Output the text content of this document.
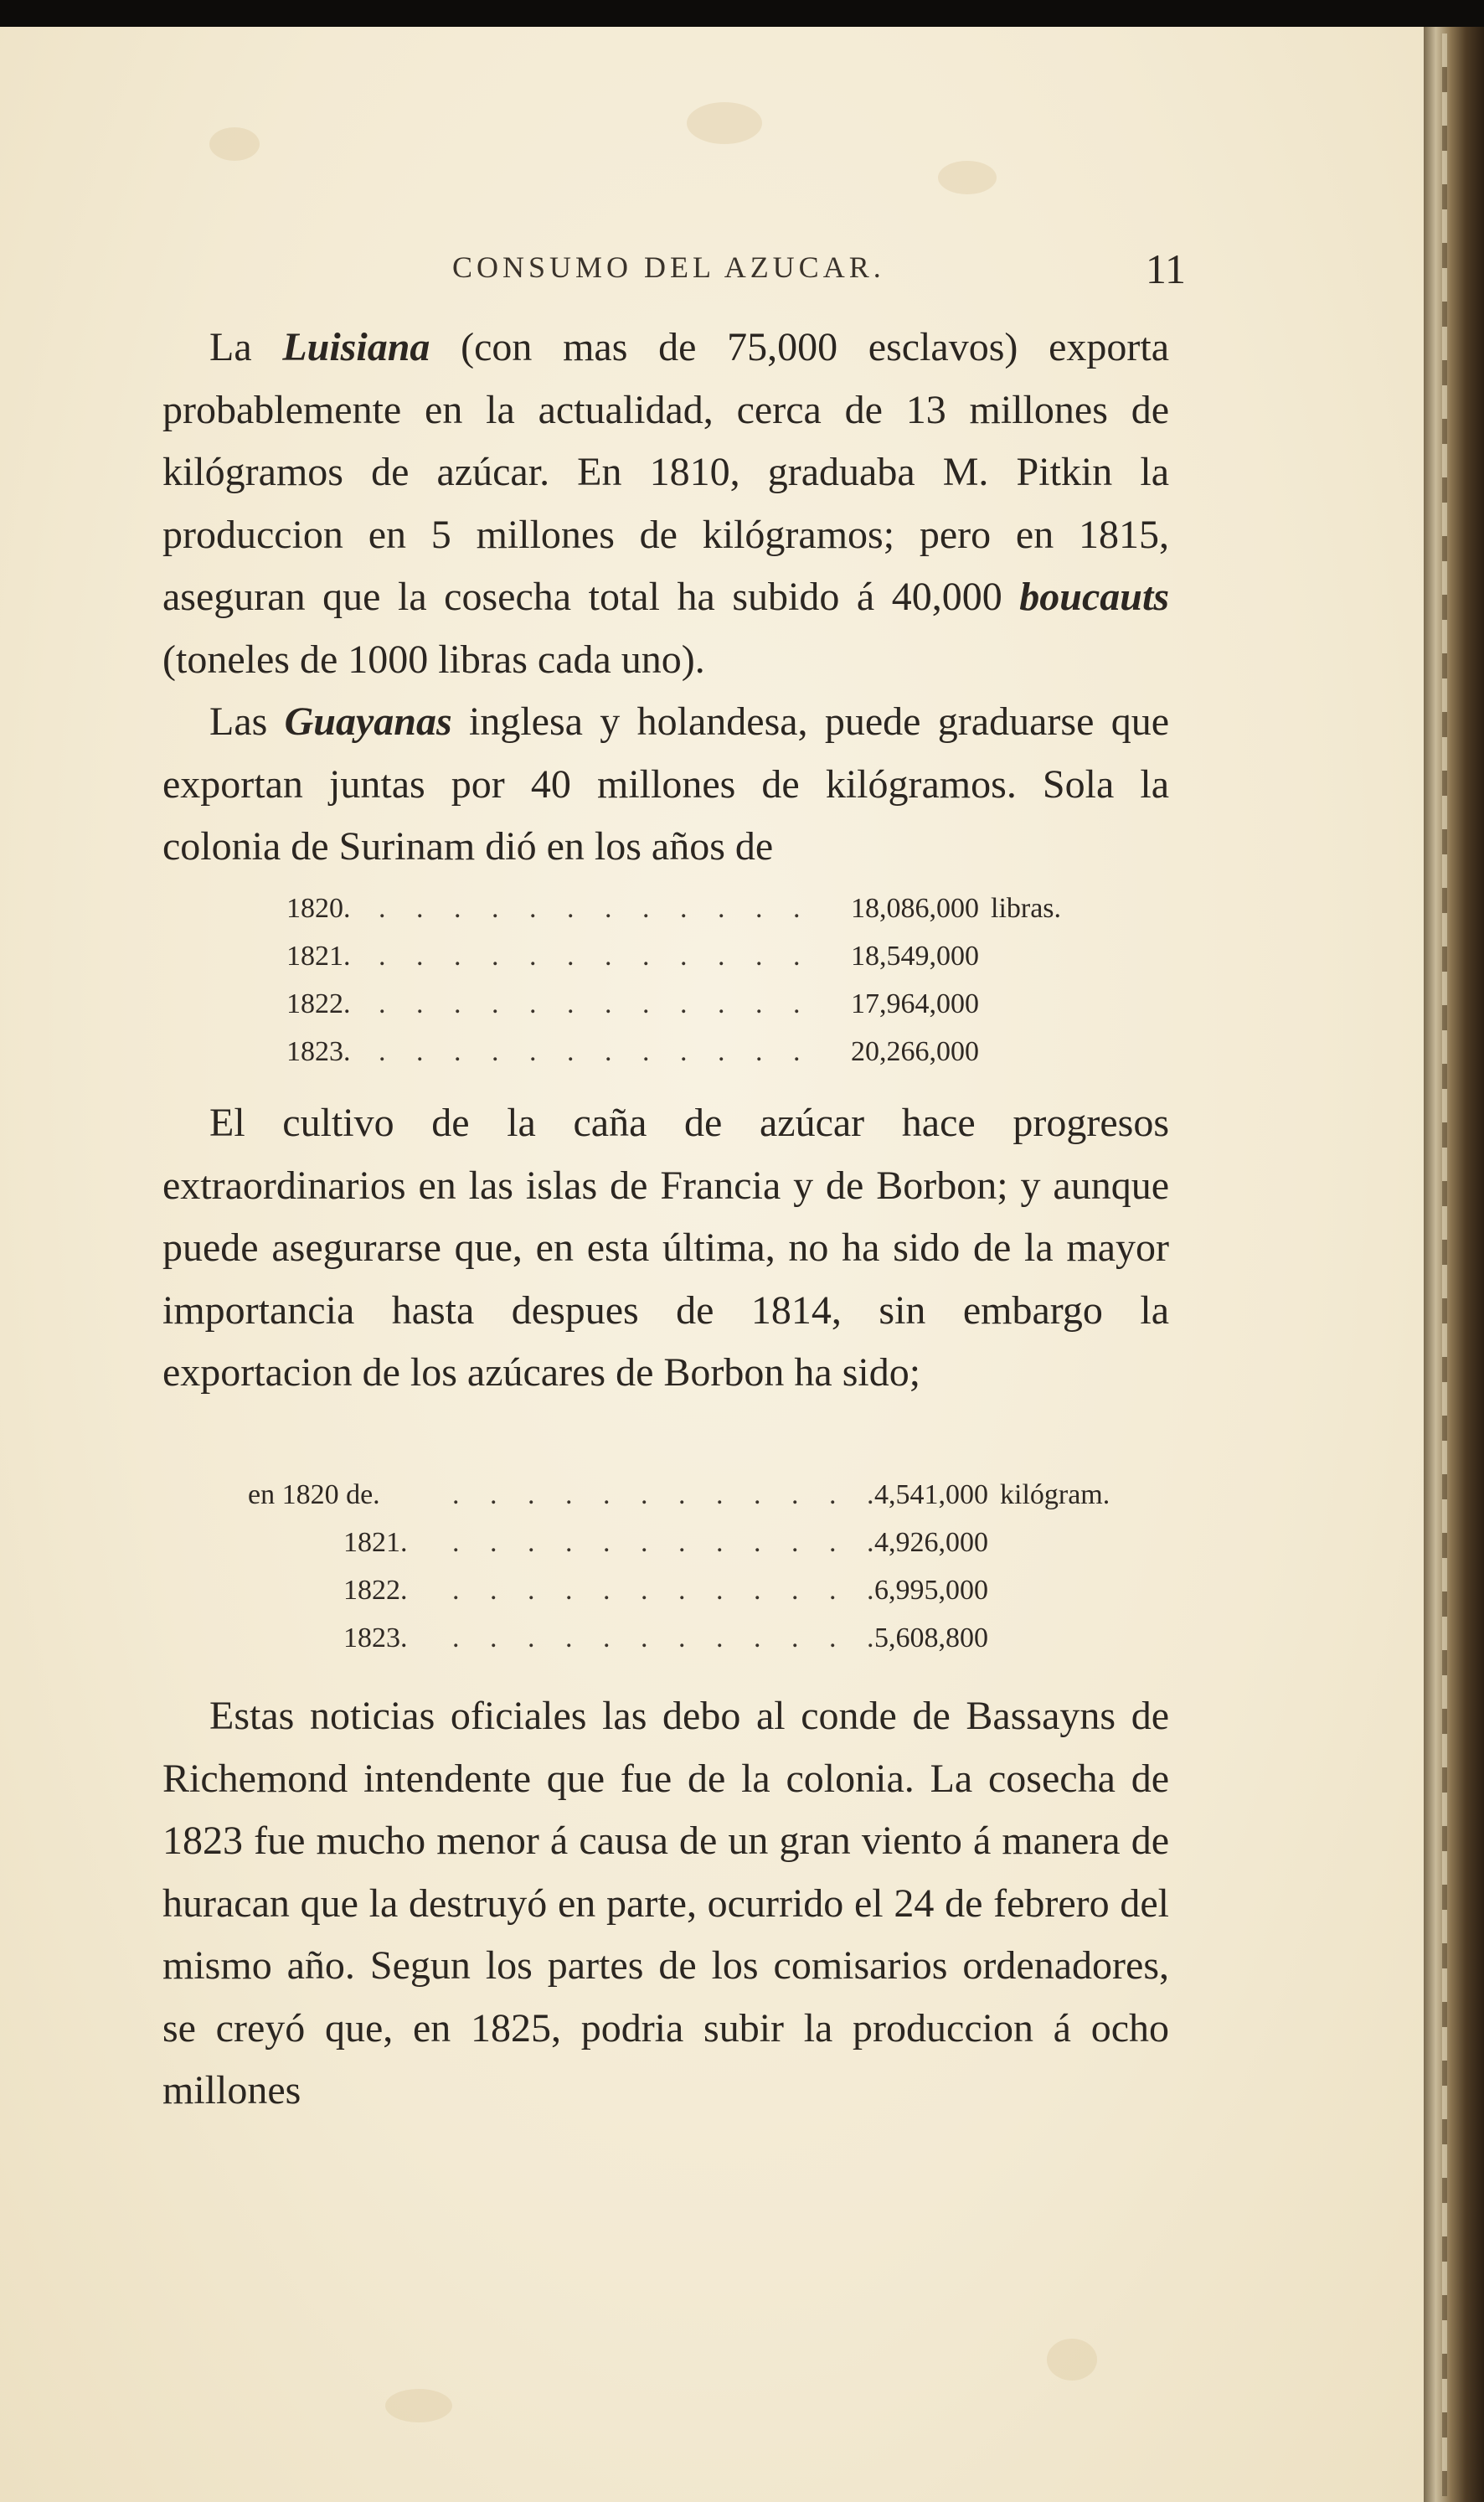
CONSUMO DEL AZUCAR.	11

La Luisiana (con mas de 75,000 esclavos) exporta probablemente en la actualidad, cerca de 13 millones de kilógramos de azúcar. En 1810, graduaba M. Pitkin la produccion en 5 millones de kilógramos; pero en 1815, aseguran que la cosecha total ha subido á 40,000 boucauts (toneles de 1000 libras cada uno).

Las Guayanas inglesa y holandesa, puede graduarse que exportan juntas por 40 millones de kilógramos. Sola la colonia de Surinam dió en los años de

1820. . . . . . . . . . . . . 18,086,000 libras.
1821. . . . . . . . . . . . . 18,549,000
1822. . . . . . . . . . . . . 17,964,000
1823. . . . . . . . . . . . . 20,266,000

El cultivo de la caña de azúcar hace progresos extraordinarios en las islas de Francia y de Borbon; y aunque puede asegurarse que, en esta última, no ha sido de la mayor importancia hasta despues de 1814, sin embargo la exportacion de los azúcares de Borbon ha sido;

en 1820 de.	. . . . . . . . . . . .
4,541,000 kilógram.
1821. . . . . . . . . . . . .
4,926,000
1822. . . . . . . . . . . . .
6,995,000
1823. . . . . . . . . . . . .
5,608,800

Estas noticias oficiales las debo al conde de Bassayns de Richemond intendente que fue de la colonia. La cosecha de 1823 fue mucho menor á causa de un gran viento á manera de huracan que la destruyó en parte, ocurrido el 24 de febrero del mismo año. Segun los partes de los comisarios ordenadores, se creyó que, en 1825, podria subir la produccion á ocho millones
